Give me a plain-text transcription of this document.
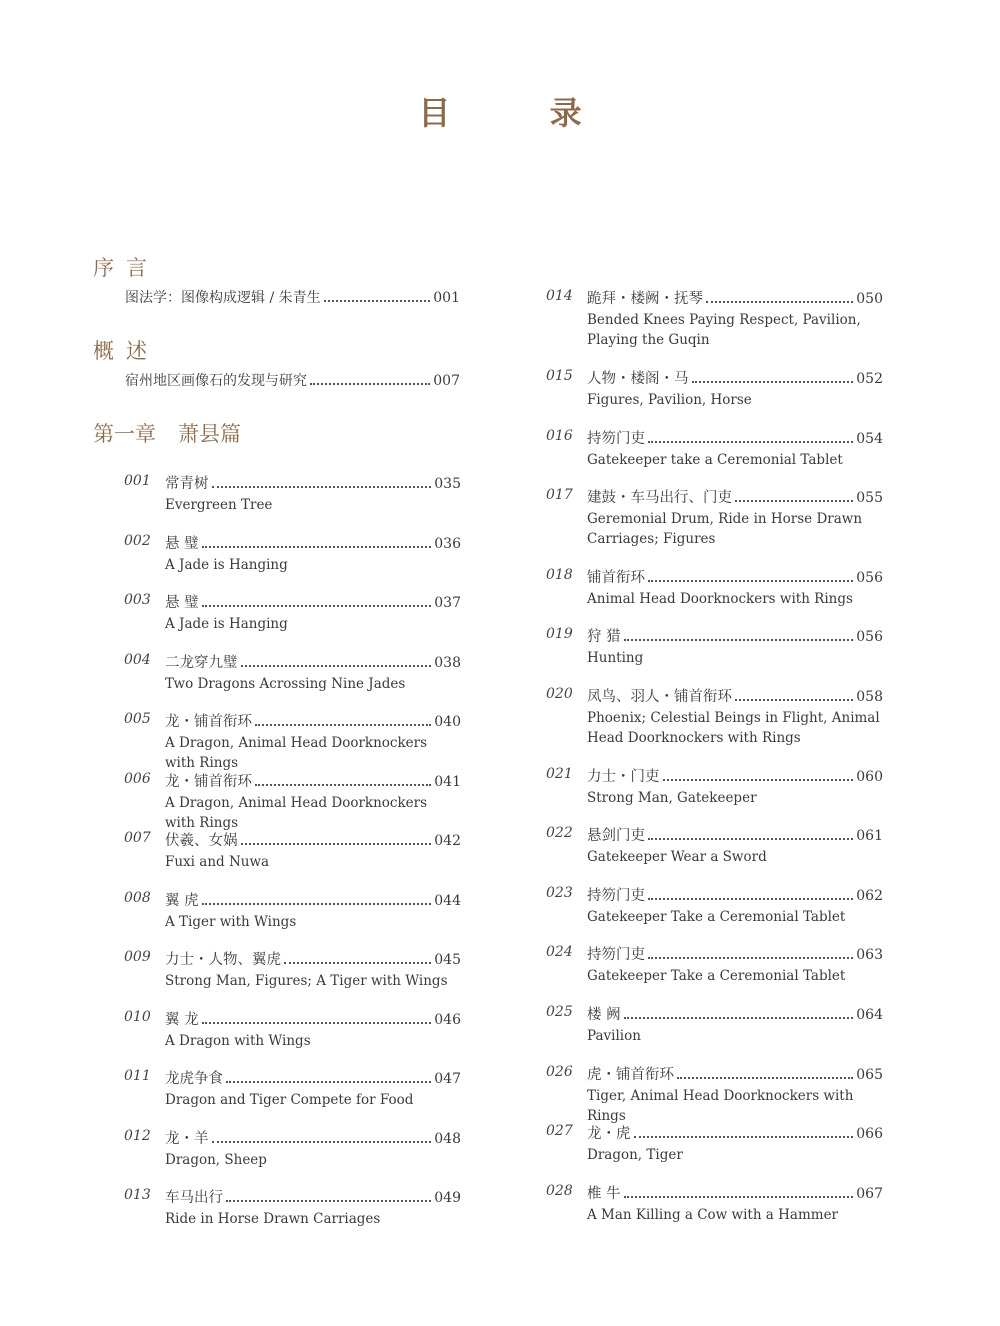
目 录
序言
图法学：图像构成逻辑 / 朱青生	001
概述
宿州地区画像石的发现与研究	007
第一章 萧县篇
001 常青树	035
Evergreen Tree
002 悬 璧	036
A Jade is Hanging
003 悬 璧	037
A Jade is Hanging
004 二龙穿九璧	038
Two Dragons Acrossing Nine Jades
005 龙・铺首衔环	040
A Dragon, Animal Head Doorknockers with Rings
006 龙・铺首衔环	041
A Dragon, Animal Head Doorknockers with Rings
007 伏羲、女娲	042
Fuxi and Nuwa
008 翼 虎	044
A Tiger with Wings
009 力士・人物、翼虎	045
Strong Man, Figures; A Tiger with Wings
010 翼 龙	046
A Dragon with Wings
011 龙虎争食	047
Dragon and Tiger Compete for Food
012 龙・羊	048
Dragon, Sheep
013 车马出行	049
Ride in Horse Drawn Carriages
014 跪拜・楼阙・抚琴	050
Bended Knees Paying Respect, Pavilion, Playing the Guqin
015 人物・楼阁・马	052
Figures, Pavilion, Horse
016 持笏门吏	054
Gatekeeper take a Ceremonial Tablet
017 建鼓・车马出行、门吏	055
Geremonial Drum, Ride in Horse Drawn Carriages; Figures
018 铺首衔环	056
Animal Head Doorknockers with Rings
019 狩 猎	056
Hunting
020 凤鸟、羽人・铺首衔环	058
Phoenix; Celestial Beings in Flight, Animal Head Doorknockers with Rings
021 力士・门吏	060
Strong Man, Gatekeeper
022 悬剑门吏	061
Gatekeeper Wear a Sword
023 持笏门吏	062
Gatekeeper Take a Ceremonial Tablet
024 持笏门吏	063
Gatekeeper Take a Ceremonial Tablet
025 楼 阙	064
Pavilion
026 虎・铺首衔环	065
Tiger, Animal Head Doorknockers with Rings
027 龙・虎	066
Dragon, Tiger
028 椎 牛	067
A Man Killing a Cow with a Hammer
